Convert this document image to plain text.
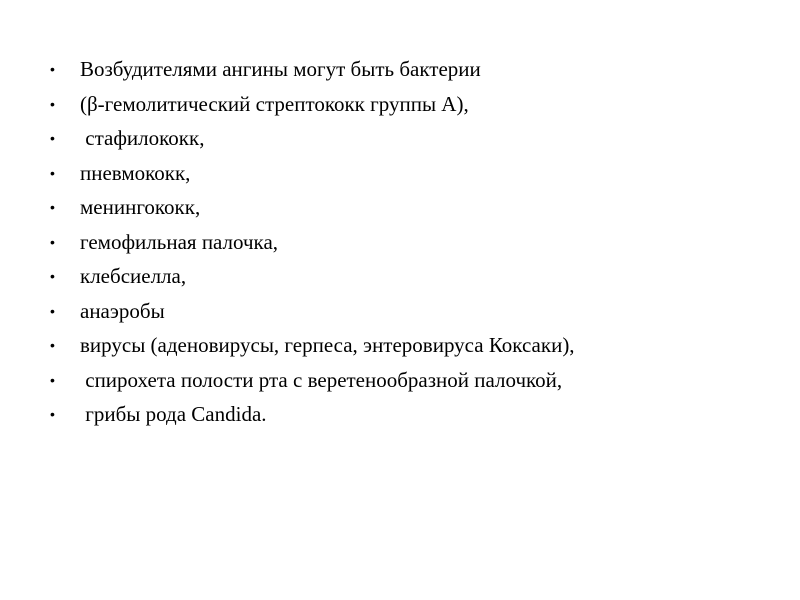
•	Возбудителями ангины могут быть бактерии
•	(β-гемолитический стрептококк группы А),
•	стафилококк,
•	пневмококк,
•	менингококк,
•	гемофильная палочка,
•	клебсиелла,
•	анаэробы
•	вирусы (аденовирусы, герпеса, энтеровируса Коксаки),
•	спирохета полости рта с веретенообразной палочкой,
•	грибы рода Candida.
